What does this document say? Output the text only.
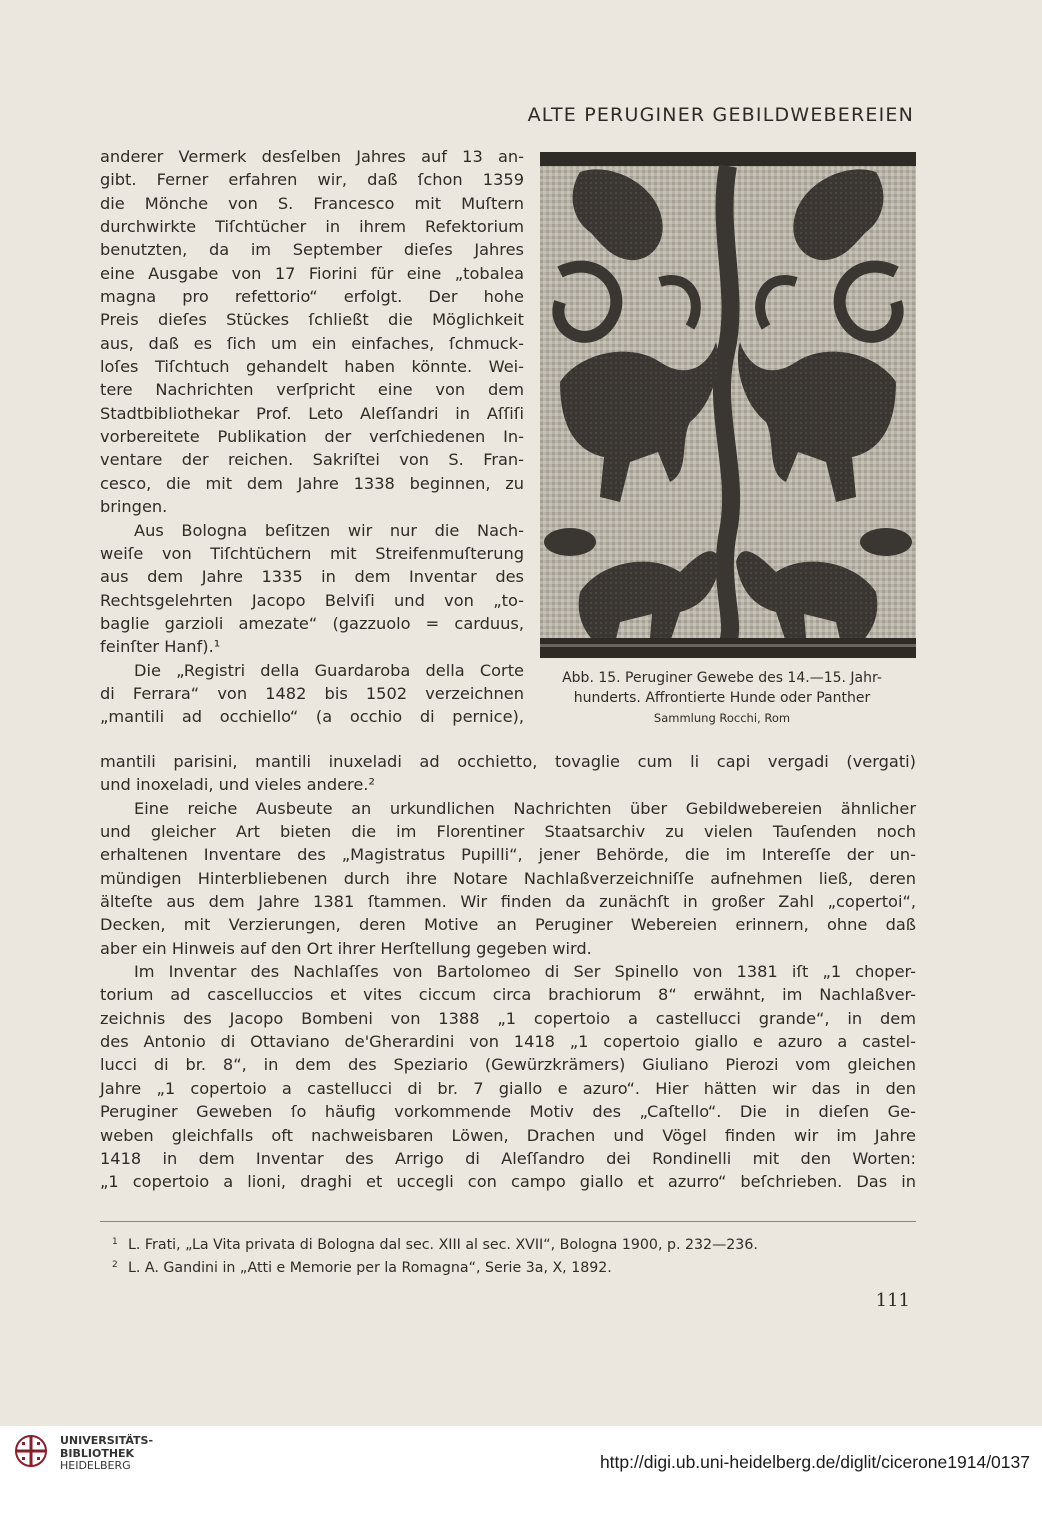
ALTE PERUGINER GEBILDWEBEREIEN
anderer Vermerk desſelben Jahres auf 13 an-
gibt. Ferner erfahren wir, daß ſchon 1359
die Mönche von S. Francesco mit Muſtern
durchwirkte Tiſchtücher in ihrem Refektorium
benutzten, da im September dieſes Jahres
eine Ausgabe von 17 Fiorini für eine „tobalea
magna pro refettorio“ erfolgt. Der hohe
Preis dieſes Stückes ſchließt die Möglichkeit
aus, daß es ſich um ein einfaches, ſchmuck-
loſes Tiſchtuch gehandelt haben könnte. Wei-
tere Nachrichten verſpricht eine von dem
Stadtbibliothekar Prof. Leto Aleſſandri in Aſſiſi
vorbereitete Publikation der verſchiedenen In-
ventare der reichen. Sakriſtei von S. Fran-
cesco, die mit dem Jahre 1338 beginnen, zu
bringen.
Aus Bologna beſitzen wir nur die Nach-
weiſe von Tiſchtüchern mit Streifenmuſterung
aus dem Jahre 1335 in dem Inventar des
Rechtsgelehrten Jacopo Belviſi und von „to-
baglie garzioli amezate“ (gazzuolo = carduus,
feinſter Hanf).¹
Die „Registri della Guardaroba della Corte
di Ferrara“ von 1482 bis 1502 verzeichnen
„mantili ad occhiello“ (a occhio di pernice),
Abb. 15. Peruginer Gewebe des 14.—15. Jahr-
hunderts. Affrontierte Hunde oder Panther
Sammlung Rocchi, Rom
mantili parisini, mantili inuxeladi ad occhietto, tovaglie cum li capi vergadi (vergati)
und inoxeladi, und vieles andere.²
Eine reiche Ausbeute an urkundlichen Nachrichten über Gebildwebereien ähnlicher
und gleicher Art bieten die im Florentiner Staatsarchiv zu vielen Tauſenden noch
erhaltenen Inventare des „Magistratus Pupilli“, jener Behörde, die im Intereſſe der un-
mündigen Hinterbliebenen durch ihre Notare Nachlaßverzeichniſſe aufnehmen ließ, deren
älteſte aus dem Jahre 1381 ſtammen. Wir finden da zunächſt in großer Zahl „copertoi“,
Decken, mit Verzierungen, deren Motive an Peruginer Webereien erinnern, ohne daß
aber ein Hinweis auf den Ort ihrer Herſtellung gegeben wird.
Im Inventar des Nachlaſſes von Bartolomeo di Ser Spinello von 1381 iſt „1 choper-
torium ad cascelluccios et vites ciccum circa brachiorum 8“ erwähnt, im Nachlaßver-
zeichnis des Jacopo Bombeni von 1388 „1 copertoio a castellucci grande“, in dem
des Antonio di Ottaviano de'Gherardini von 1418 „1 copertoio giallo e azuro a castel-
lucci di br. 8“, in dem des Speziario (Gewürzkrämers) Giuliano Pierozi vom gleichen
Jahre „1 copertoio a castellucci di br. 7 giallo e azuro“. Hier hätten wir das in den
Peruginer Geweben ſo häufig vorkommende Motiv des „Caſtello“. Die in dieſen Ge-
weben gleichfalls oft nachweisbaren Löwen, Drachen und Vögel finden wir im Jahre
1418 in dem Inventar des Arrigo di Aleſſandro dei Rondinelli mit den Worten:
„1 copertoio a lioni, draghi et uccegli con campo giallo et azurro“ beſchrieben. Das in
1 L. Frati, „La Vita privata di Bologna dal sec. XIII al sec. XVII“, Bologna 1900, p. 232—236.
2 L. A. Gandini in „Atti e Memorie per la Romagna“, Serie 3a, X, 1892.
111
UNIVERSITÄTS-
BIBLIOTHEK
HEIDELBERG	http://digi.ub.uni-heidelberg.de/diglit/cicerone1914/0137
